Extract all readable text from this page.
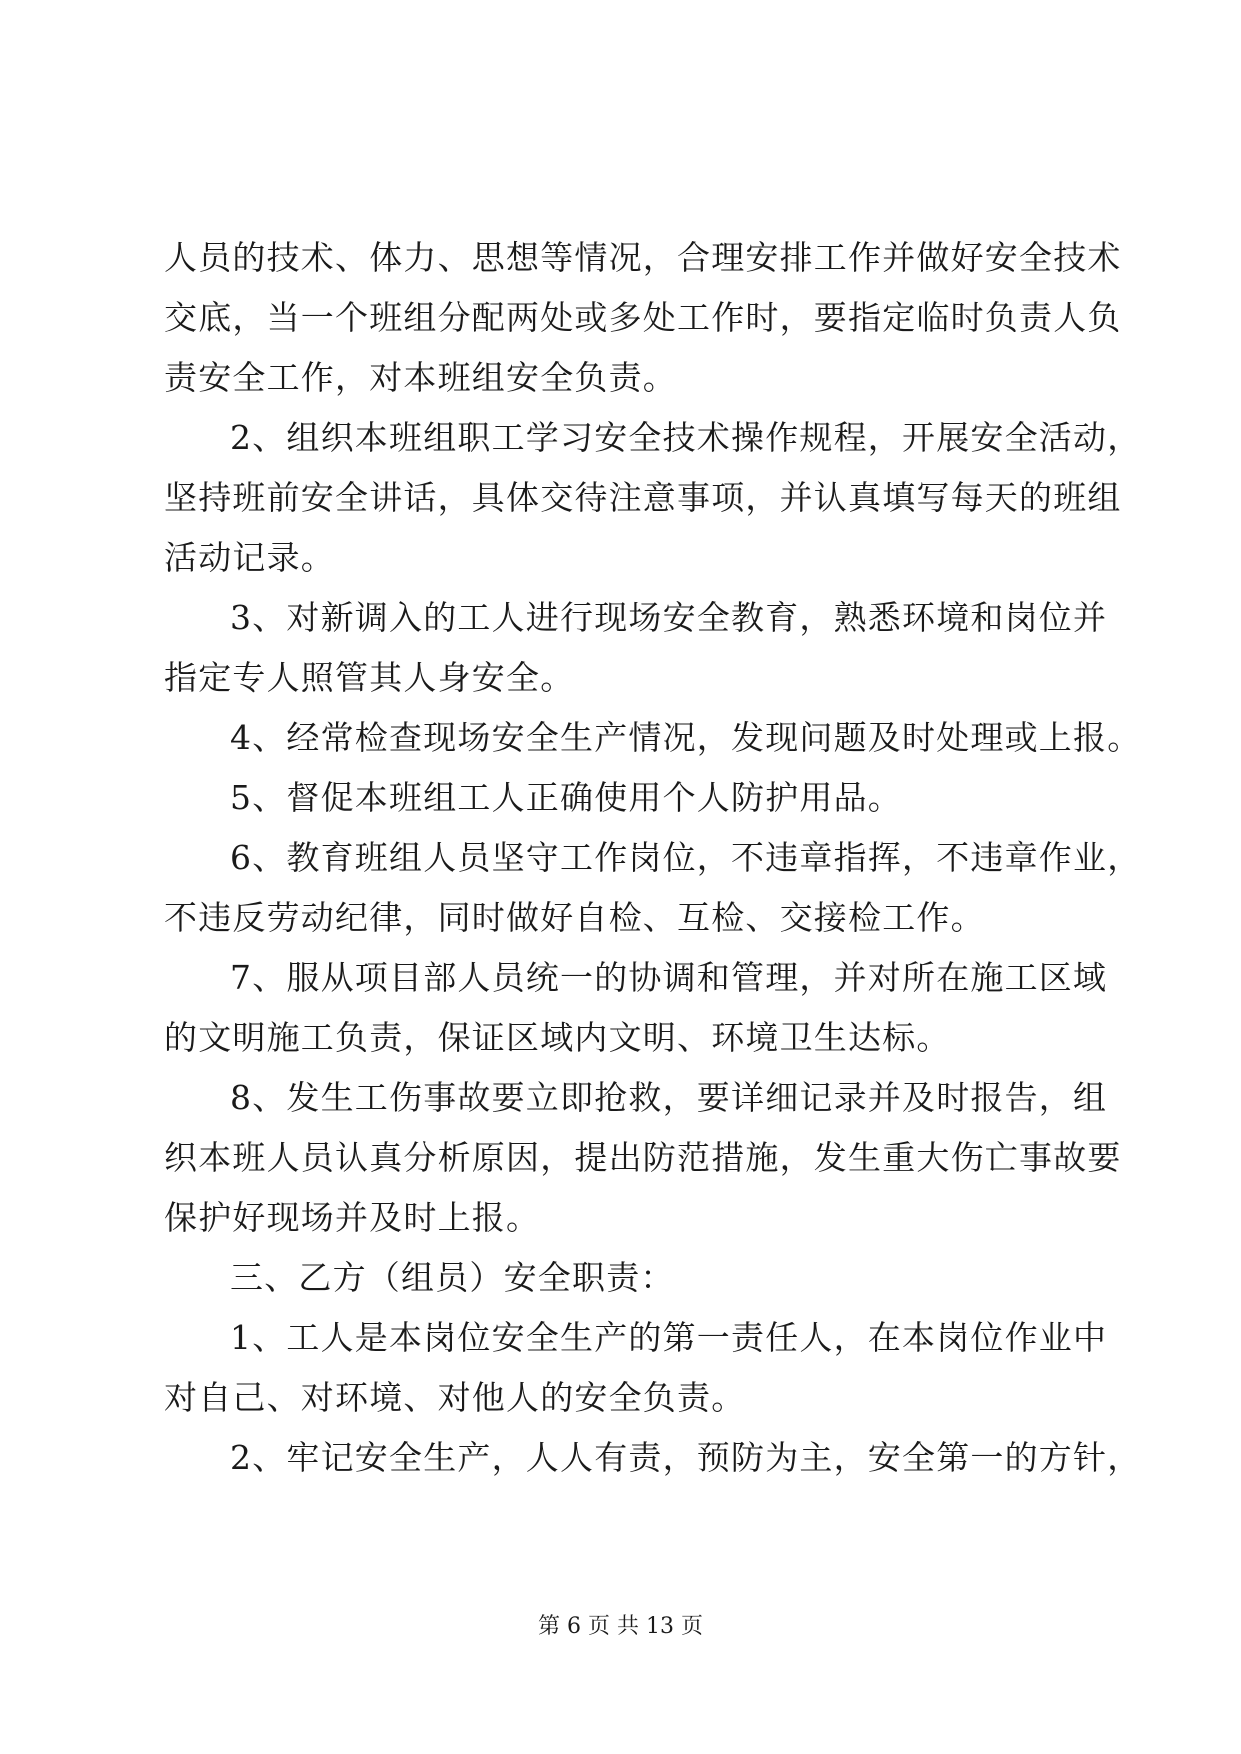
人员的技术、体力、思想等情况，合理安排工作并做好安全技术
交底，当一个班组分配两处或多处工作时，要指定临时负责人负
责安全工作，对本班组安全负责。

2、组织本班组职工学习安全技术操作规程，开展安全活动，
坚持班前安全讲话，具体交待注意事项，并认真填写每天的班组
活动记录。

3、对新调入的工人进行现场安全教育，熟悉环境和岗位并
指定专人照管其人身安全。

4、经常检查现场安全生产情况，发现问题及时处理或上报。

5、督促本班组工人正确使用个人防护用品。

6、教育班组人员坚守工作岗位，不违章指挥，不违章作业，
不违反劳动纪律，同时做好自检、互检、交接检工作。

7、服从项目部人员统一的协调和管理，并对所在施工区域
的文明施工负责，保证区域内文明、环境卫生达标。

8、发生工伤事故要立即抢救，要详细记录并及时报告，组
织本班人员认真分析原因，提出防范措施，发生重大伤亡事故要
保护好现场并及时上报。

三、乙方（组员）安全职责：

1、工人是本岗位安全生产的第一责任人，在本岗位作业中
对自己、对环境、对他人的安全负责。

2、牢记安全生产，人人有责，预防为主，安全第一的方针，

第 6 页 共 13 页
